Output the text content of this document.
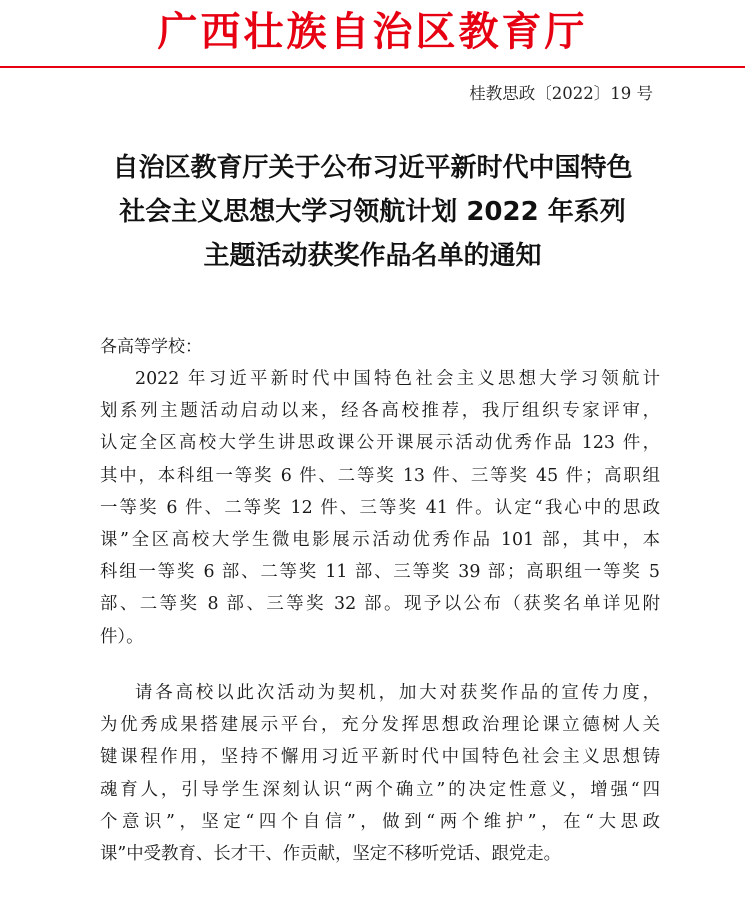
广西壮族自治区教育厅
桂教思政〔2022〕19 号
自治区教育厅关于公布习近平新时代中国特色
社会主义思想大学习领航计划 2022 年系列
主题活动获奖作品名单的通知
各高等学校：
2022 年习近平新时代中国特色社会主义思想大学习领航计
划系列主题活动启动以来，经各高校推荐，我厅组织专家评审，
认定全区高校大学生讲思政课公开课展示活动优秀作品 123 件，
其中，本科组一等奖 6 件、二等奖 13 件、三等奖 45 件；高职组
一等奖 6 件、二等奖 12 件、三等奖 41 件。认定“我心中的思政
课”全区高校大学生微电影展示活动优秀作品 101 部，其中，本
科组一等奖 6 部、二等奖 11 部、三等奖 39 部；高职组一等奖 5
部、二等奖 8 部、三等奖 32 部。现予以公布（获奖名单详见附
件）。
请各高校以此次活动为契机，加大对获奖作品的宣传力度，
为优秀成果搭建展示平台，充分发挥思想政治理论课立德树人关
键课程作用，坚持不懈用习近平新时代中国特色社会主义思想铸
魂育人，引导学生深刻认识“两个确立”的决定性意义，增强“四
个意识”，坚定“四个自信”，做到“两个维护”，在“大思政
课”中受教育、长才干、作贡献，坚定不移听党话、跟党走。
